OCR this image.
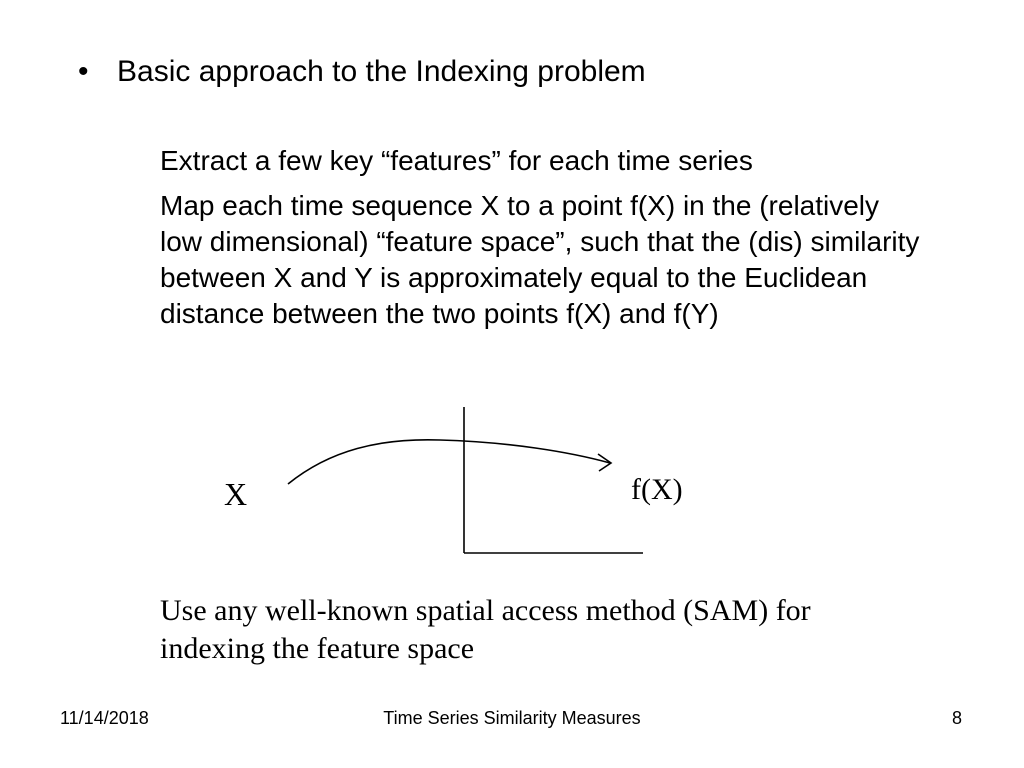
• Basic approach to the Indexing problem
Extract a few key “features” for each time series
Map each time sequence X to a point f(X) in the (relatively low dimensional) “feature space”, such that the (dis) similarity between X and Y is approximately equal to the Euclidean distance between the two points f(X) and f(Y)
X	f(X)
Use any well-known spatial access method (SAM) for indexing the feature space
11/14/2018	Time Series Similarity Measures	8
